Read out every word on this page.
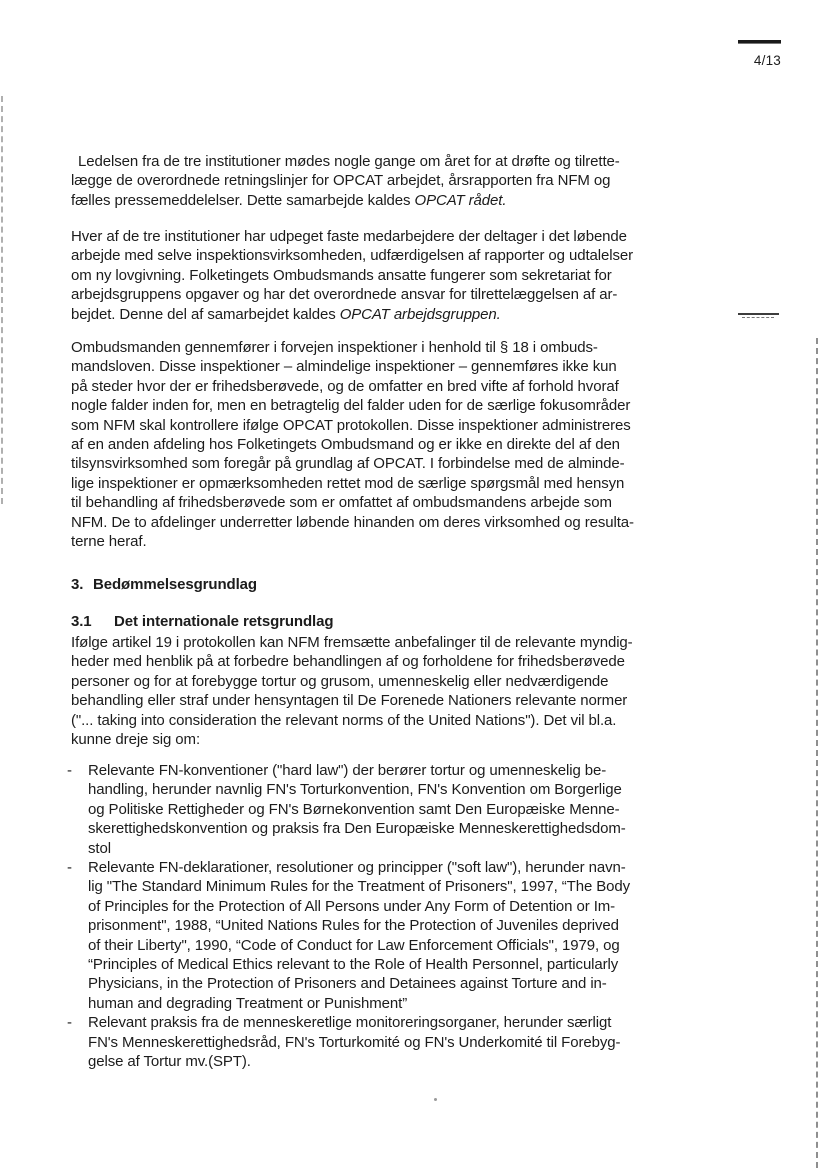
4/13
Ledelsen fra de tre institutioner mødes nogle gange om året for at drøfte og tilrette-
lægge de overordnede retningslinjer for OPCAT arbejdet, årsrapporten fra NFM og
fælles pressemeddelelser. Dette samarbejde kaldes OPCAT rådet.
Hver af de tre institutioner har udpeget faste medarbejdere der deltager i det løbende
arbejde med selve inspektionsvirksomheden, udfærdigelsen af rapporter og udtalelser
om ny lovgivning. Folketingets Ombudsmands ansatte fungerer som sekretariat for
arbejdsgruppens opgaver og har det overordnede ansvar for tilrettelæggelsen af ar-
bejdet. Denne del af samarbejdet kaldes OPCAT arbejdsgruppen.
Ombudsmanden gennemfører i forvejen inspektioner i henhold til § 18 i ombuds-
mandsloven. Disse inspektioner – almindelige inspektioner – gennemføres ikke kun
på steder hvor der er frihedsberøvede, og de omfatter en bred vifte af forhold hvoraf
nogle falder inden for, men en betragtelig del falder uden for de særlige fokusområder
som NFM skal kontrollere ifølge OPCAT protokollen. Disse inspektioner administreres
af en anden afdeling hos Folketingets Ombudsmand og er ikke en direkte del af den
tilsynsvirksomhed som foregår på grundlag af OPCAT. I forbindelse med de alminde-
lige inspektioner er opmærksomheden rettet mod de særlige spørgsmål med hensyn
til behandling af frihedsberøvede som er omfattet af ombudsmandens arbejde som
NFM. De to afdelinger underretter løbende hinanden om deres virksomhed og resulta-
terne heraf.
3. Bedømmelsesgrundlag
3.1 Det internationale retsgrundlag
Ifølge artikel 19 i protokollen kan NFM fremsætte anbefalinger til de relevante myndig-
heder med henblik på at forbedre behandlingen af og forholdene for frihedsberøvede
personer og for at forebygge tortur og grusom, umenneskelig eller nedværdigende
behandling eller straf under hensyntagen til De Forenede Nationers relevante normer
("... taking into consideration the relevant norms of the United Nations"). Det vil bl.a.
kunne dreje sig om:
-	Relevante FN-konventioner ("hard law") der berører tortur og umenneskelig be-
handling, herunder navnlig FN's Torturkonvention, FN's Konvention om Borgerlige
og Politiske Rettigheder og FN's Børnekonvention samt Den Europæiske Menne-
skerettighedskonvention og praksis fra Den Europæiske Menneskerettighedsdom-
stol
-	Relevante FN-deklarationer, resolutioner og principper ("soft law"), herunder navn-
lig "The Standard Minimum Rules for the Treatment of Prisoners", 1997, “The Body
of Principles for the Protection of All Persons under Any Form of Detention or Im-
prisonment", 1988, “United Nations Rules for the Protection of Juveniles deprived
of their Liberty", 1990, “Code of Conduct for Law Enforcement Officials", 1979, og
“Principles of Medical Ethics relevant to the Role of Health Personnel, particularly
Physicians, in the Protection of Prisoners and Detainees against Torture and in-
human and degrading Treatment or Punishment”
-	Relevant praksis fra de menneskeretlige monitoreringsorganer, herunder særligt
FN's Menneskerettighedsråd, FN's Torturkomité og FN's Underkomité til Forebyg-
gelse af Tortur mv.(SPT).
